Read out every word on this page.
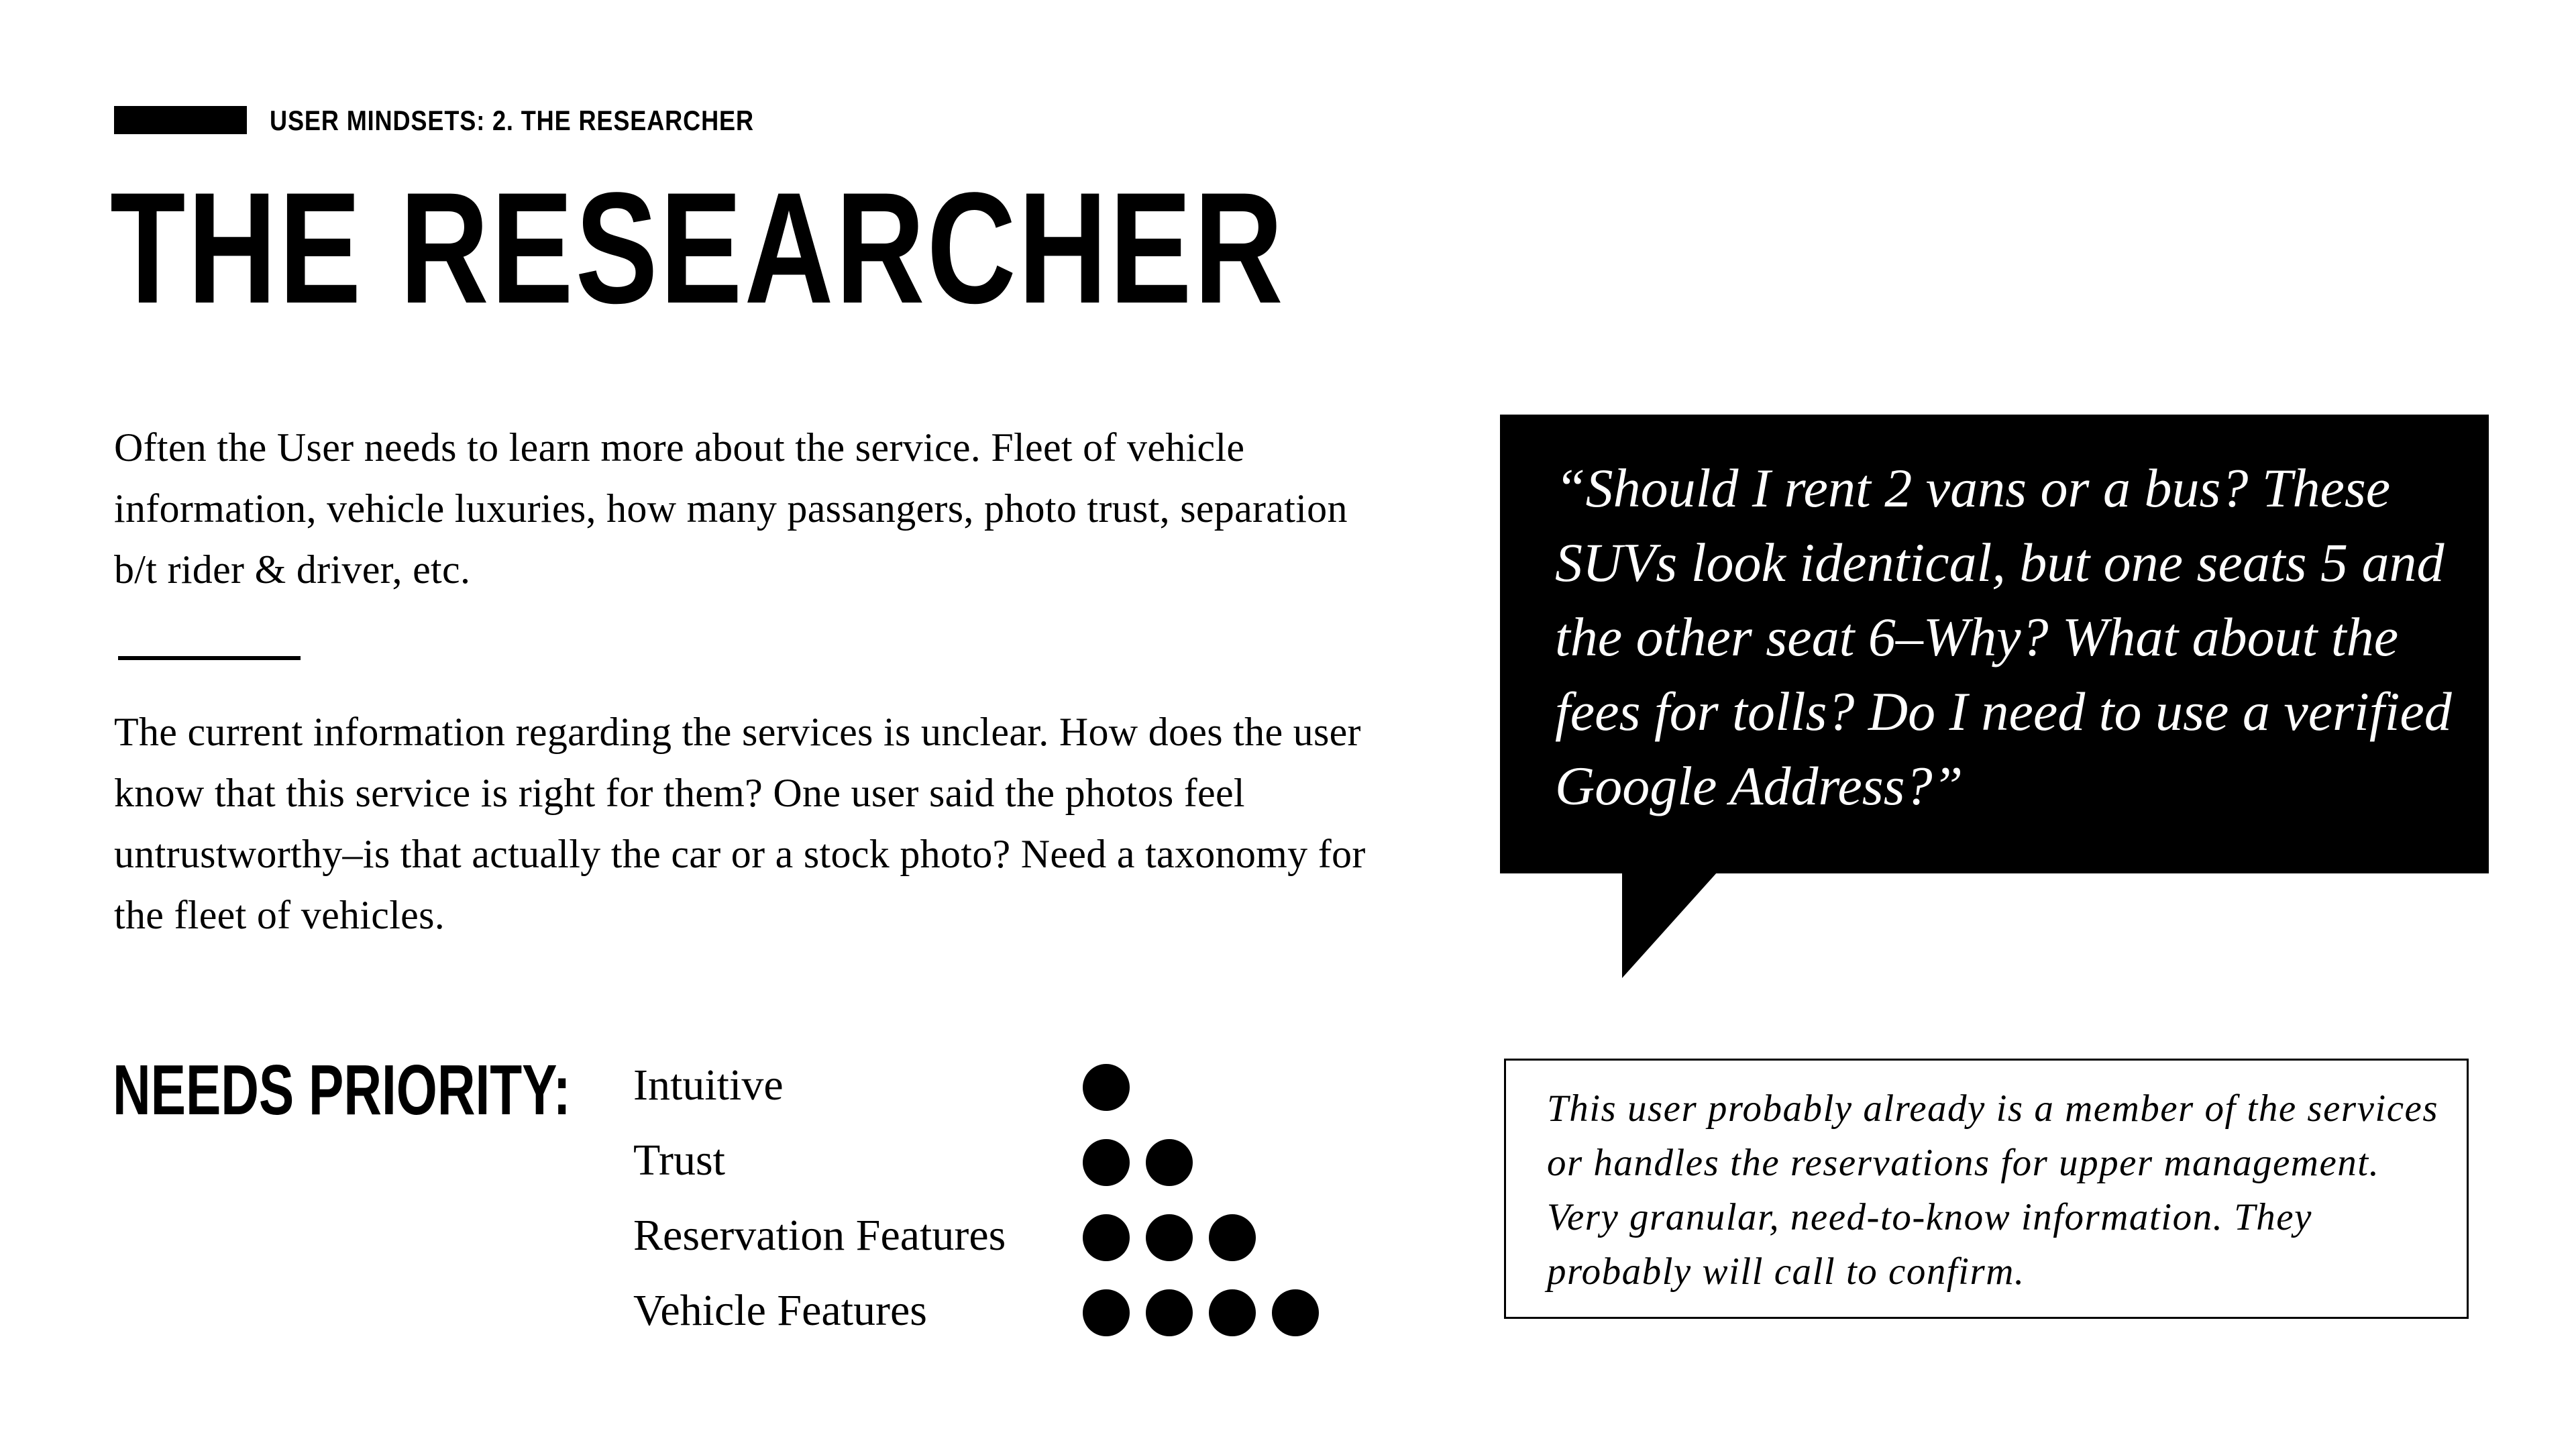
USER MINDSETS: 2. THE RESEARCHER
THE RESEARCHER

Often the User needs to learn more about the service. Fleet of vehicle information, vehicle luxuries, how many passangers, photo trust, separation b/t rider & driver, etc.

The current information regarding the services is unclear. How does the user know that this service is right for them? One user said the photos feel untrustworthy–is that actually the car or a stock photo? Need a taxonomy for the fleet of vehicles.

“Should I rent 2 vans or a bus? These SUVs look identical, but one seats 5 and the other seat 6–Why? What about the fees for tolls? Do I need to use a verified Google Address?”

This user probably already is a member of the services or handles the reservations for upper management. Very granular, need-to-know information. They probably will call to confirm.

NEEDS PRIORITY: Intuitive
Trust
Reservation Features
Vehicle Features
